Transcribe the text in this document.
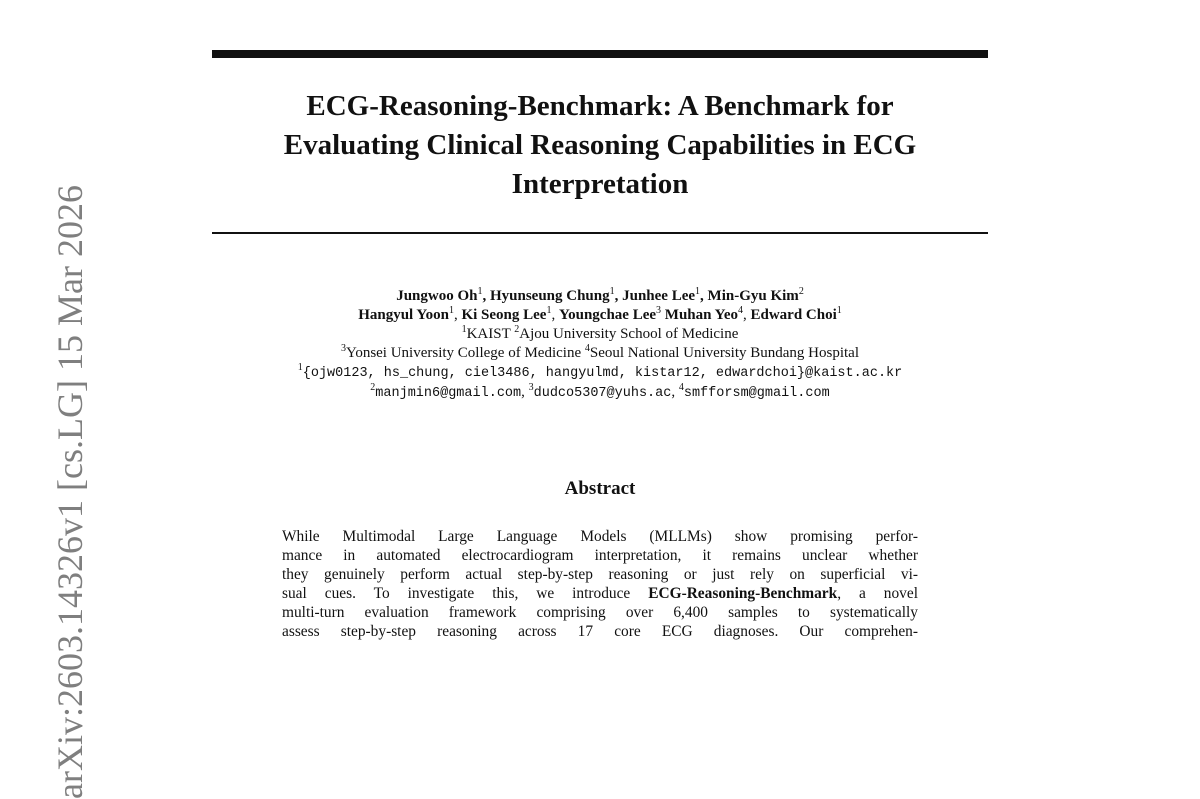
arXiv:2603.14326v1 [cs.LG] 15 Mar 2026
ECG-Reasoning-Benchmark: A Benchmark for
Evaluating Clinical Reasoning Capabilities in ECG
Interpretation
Jungwoo Oh$^1$, Hyunseung Chung$^1$, Junhee Lee$^1$, Min-Gyu Kim$^2$
Hangyul Yoon$^1$, Ki Seong Lee$^1$, Youngchae Lee$^3$ Muhan Yeo$^4$, Edward Choi$^1$
$^1$KAIST $^2$Ajou University School of Medicine
$^3$Yonsei University College of Medicine $^4$Seoul National University Bundang Hospital
$^1${ojw0123, hs_chung, ciel3486, hangyulmd, kistar12, edwardchoi}@kaist.ac.kr
$^2$manjmin6@gmail.com, $^3$dudco5307@yuhs.ac, $^4$smfforsm@gmail.com
Abstract
While Multimodal Large Language Models (MLLMs) show promising perfor-
mance in automated electrocardiogram interpretation, it remains unclear whether
they genuinely perform actual step-by-step reasoning or just rely on superficial vi-
sual cues. To investigate this, we introduce ECG-Reasoning-Benchmark, a novel
multi-turn evaluation framework comprising over 6,400 samples to systematically
assess step-by-step reasoning across 17 core ECG diagnoses. Our comprehen-
